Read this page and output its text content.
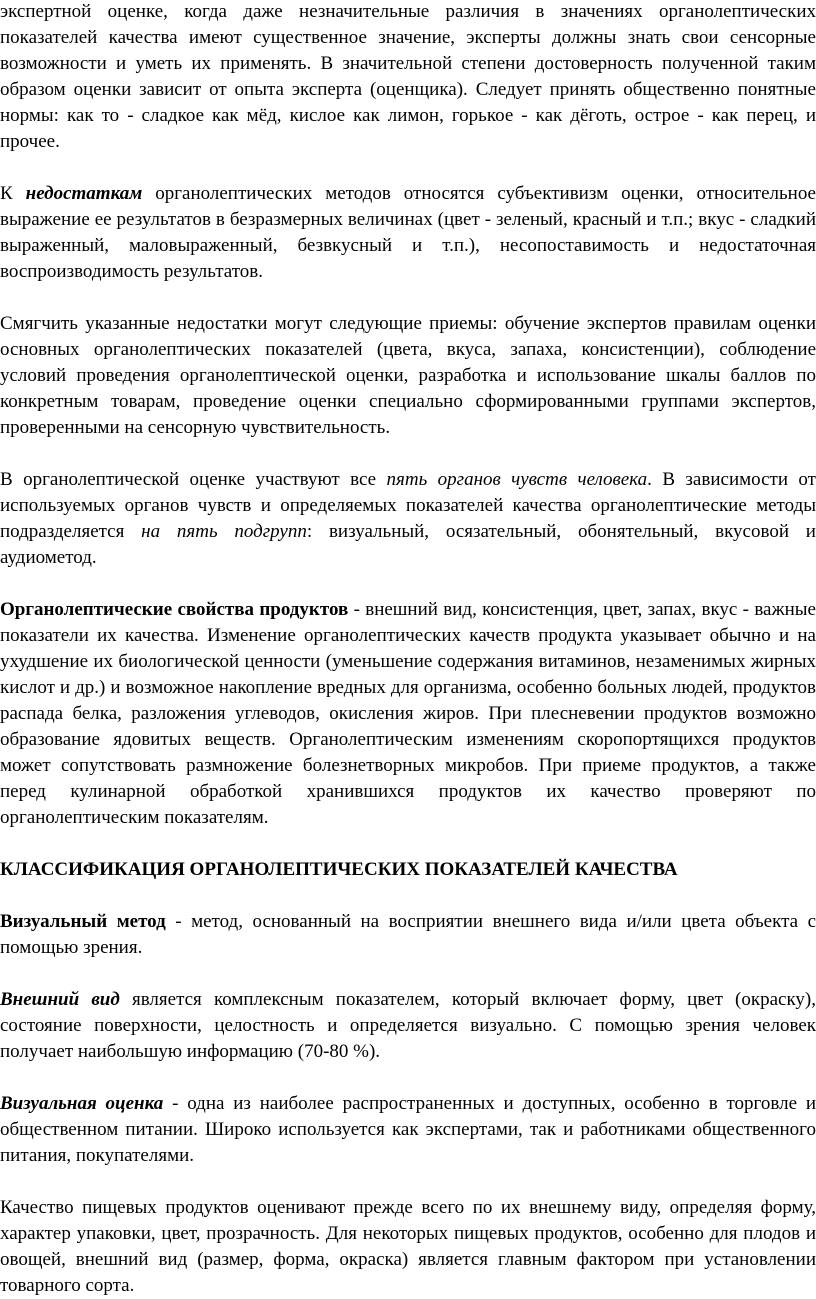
экспертной оценке, когда даже незначительные различия в значениях органолептических показателей качества имеют существенное значение, эксперты должны знать свои сенсорные возможности и уметь их применять. В значительной степени достоверность полученной таким образом оценки зависит от опыта эксперта (оценщика). Следует принять общественно понятные нормы: как то - сладкое как мёд, кислое как лимон, горькое - как дёготь, острое - как перец, и прочее.

К недостаткам органолептических методов относятся субъективизм оценки, относительное выражение ее результатов в безразмерных величинах (цвет - зеленый, красный и т.п.; вкус - сладкий выраженный, маловыраженный, безвкусный и т.п.), несопоставимость и недостаточная воспроизводимость результатов.

Смягчить указанные недостатки могут следующие приемы: обучение экспертов правилам оценки основных органолептических показателей (цвета, вкуса, запаха, консистенции), соблюдение условий проведения органолептической оценки, разработка и использование шкалы баллов по конкретным товарам, проведение оценки специально сформированными группами экспертов, проверенными на сенсорную чувствительность.

В органолептической оценке участвуют все пять органов чувств человека. В зависимости от используемых органов чувств и определяемых показателей качества органолептические методы подразделяется на пять подгрупп: визуальный, осязательный, обонятельный, вкусовой и аудиометод.

Органолептические свойства продуктов - внешний вид, консистенция, цвет, запах, вкус - важные показатели их качества. Изменение органолептических качеств продукта указывает обычно и на ухудшение их биологической ценности (уменьшение содержания витаминов, незаменимых жирных кислот и др.) и возможное накопление вредных для организма, особенно больных людей, продуктов распада белка, разложения углеводов, окисления жиров. При плесневении продуктов возможно образование ядовитых веществ. Органолептическим изменениям скоропортящихся продуктов может сопутствовать размножение болезнетворных микробов. При приеме продуктов, а также перед кулинарной обработкой хранившихся продуктов их качество проверяют по органолептическим показателям.

КЛАССИФИКАЦИЯ ОРГАНОЛЕПТИЧЕСКИХ ПОКАЗАТЕЛЕЙ КАЧЕСТВА

Визуальный метод - метод, основанный на восприятии внешнего вида и/или цвета объекта с помощью зрения.

Внешний вид является комплексным показателем, который включает форму, цвет (окраску), состояние поверхности, целостность и определяется визуально. С помощью зрения человек получает наибольшую информацию (70-80 %).

Визуальная оценка - одна из наиболее распространенных и доступных, особенно в торговле и общественном питании. Широко используется как экспертами, так и работниками общественного питания, покупателями.

Качество пищевых продуктов оценивают прежде всего по их внешнему виду, определяя форму, характер упаковки, цвет, прозрачность. Для некоторых пищевых продуктов, особенно для плодов и овощей, внешний вид (размер, форма, окраска) является главным фактором при установлении товарного сорта.
